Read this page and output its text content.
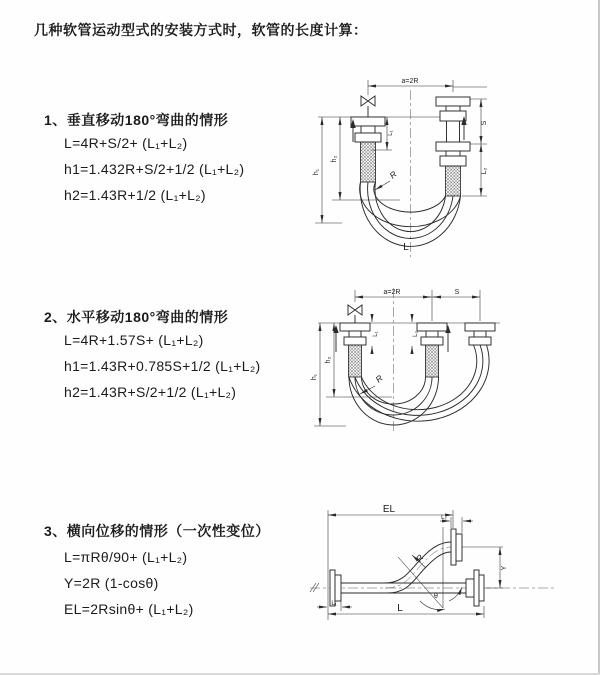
几种软管运动型式的安装方式时，软管的长度计算：
1、垂直移动180°弯曲的情形
L=4R+S/2+ (L₁+L₂)
h1=1.432R+S/2+1/2 (L₁+L₂)
h2=1.43R+1/2 (L₁+L₂)
2、水平移动180°弯曲的情形
L=4R+1.57S+ (L₁+L₂)
h1=1.43R+0.785S+1/2 (L₁+L₂)
h2=1.43R+S/2+1/2 (L₁+L₂)
3、横向位移的情形（一次性变位）
L=πRθ/90+ (L₁+L₂)
Y=2R (1-cosθ)
EL=2Rsinθ+ (L₁+L₂)
a=2R
S
L₂
L₁
h₂
h₁	R
L
a=2R	S
L₁	L₂
h₂
h₁	R
EL
L₂
Y
L
L₁
R
θ
